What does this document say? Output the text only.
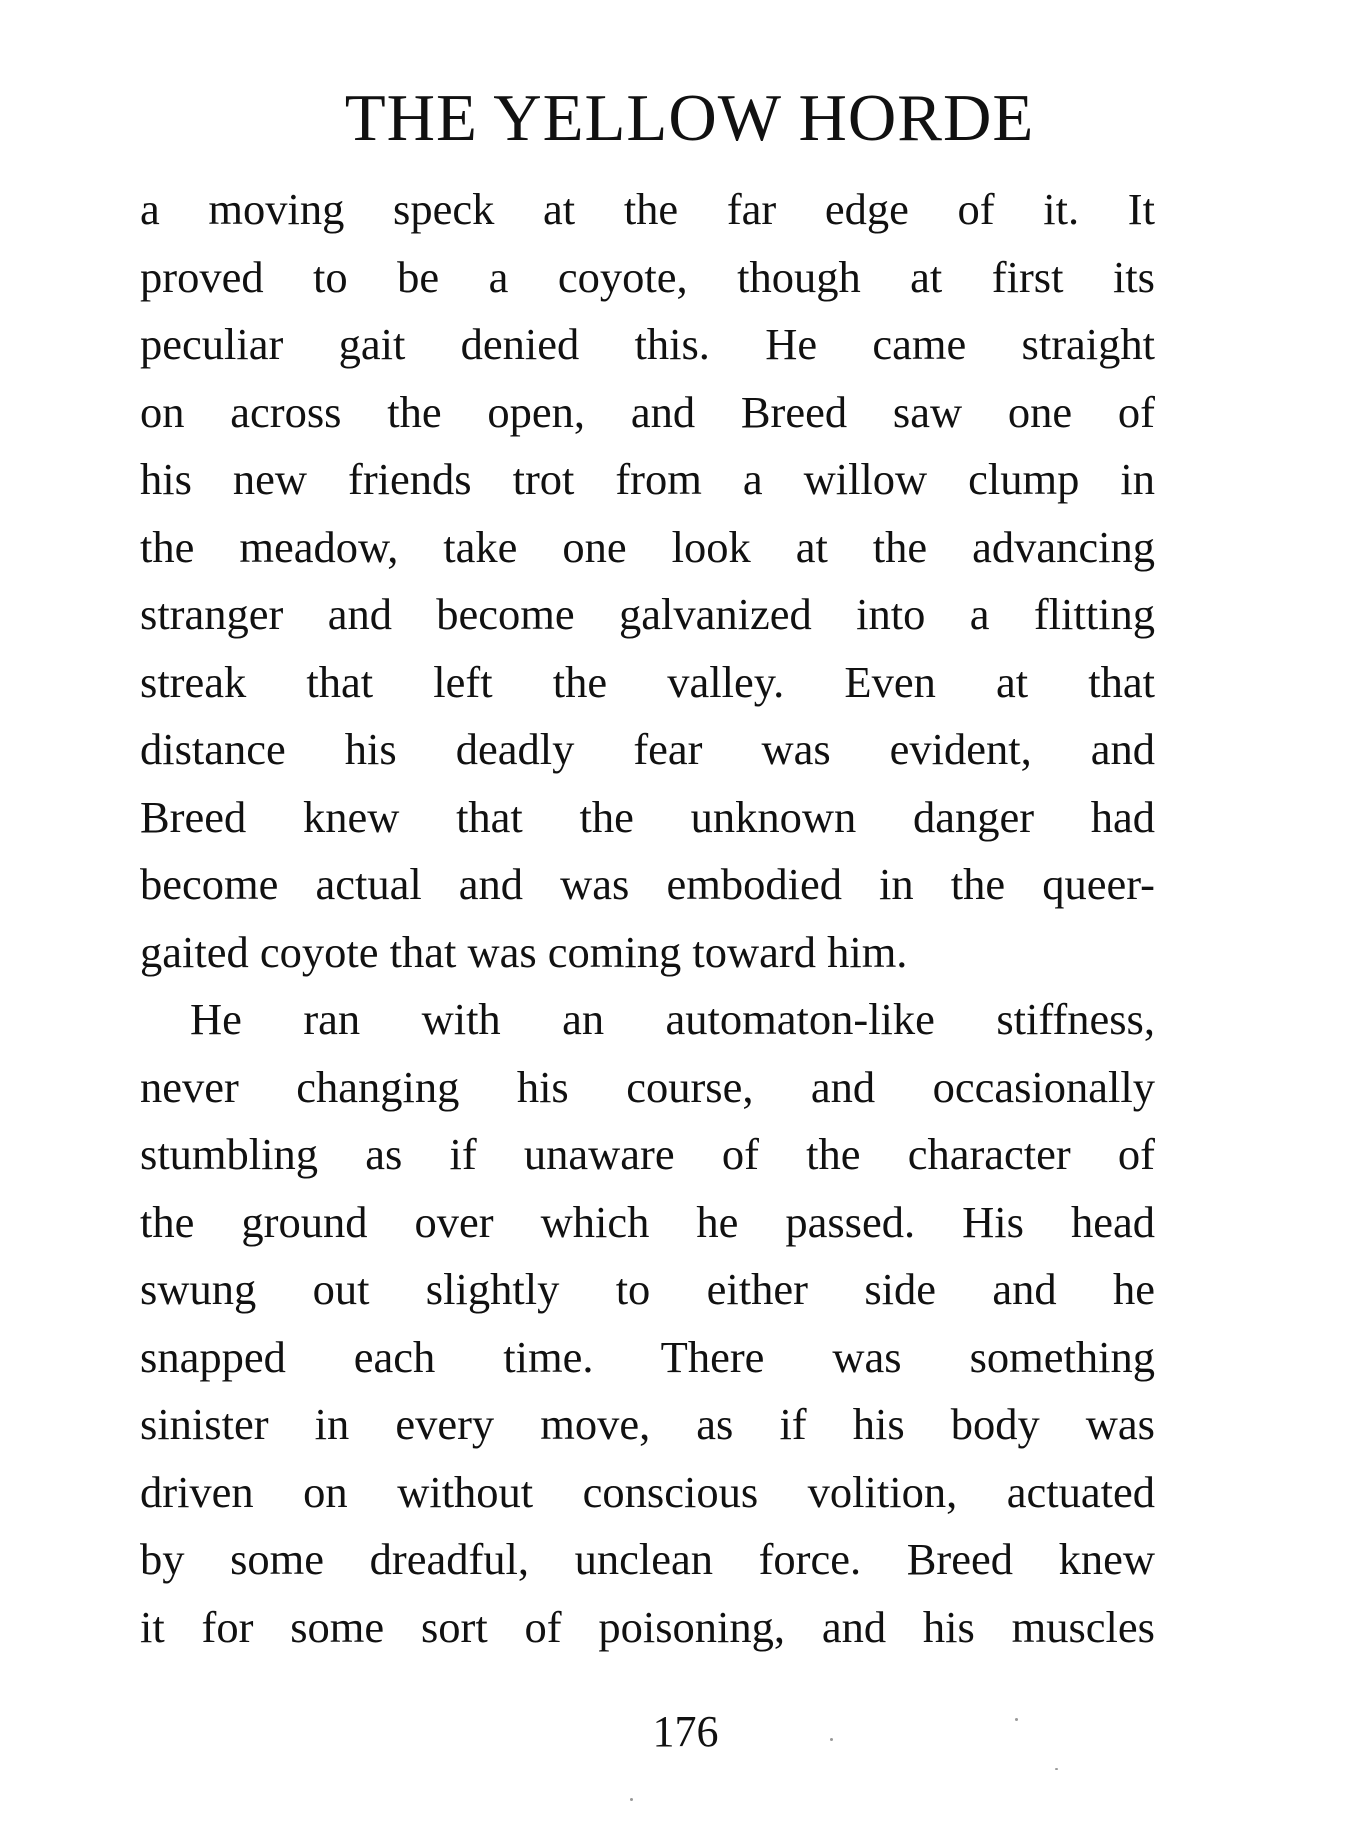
THE YELLOW HORDE
a moving speck at the far edge of it. It
proved to be a coyote, though at first its
peculiar gait denied this. He came straight
on across the open, and Breed saw one of
his new friends trot from a willow clump in
the meadow, take one look at the advancing
stranger and become galvanized into a flitting
streak that left the valley. Even at that
distance his deadly fear was evident, and
Breed knew that the unknown danger had
become actual and was embodied in the queer-
gaited coyote that was coming toward him.
He ran with an automaton-like stiffness,
never changing his course, and occasionally
stumbling as if unaware of the character of
the ground over which he passed. His head
swung out slightly to either side and he
snapped each time. There was something
sinister in every move, as if his body was
driven on without conscious volition, actuated
by some dreadful, unclean force. Breed knew
it for some sort of poisoning, and his muscles
176
